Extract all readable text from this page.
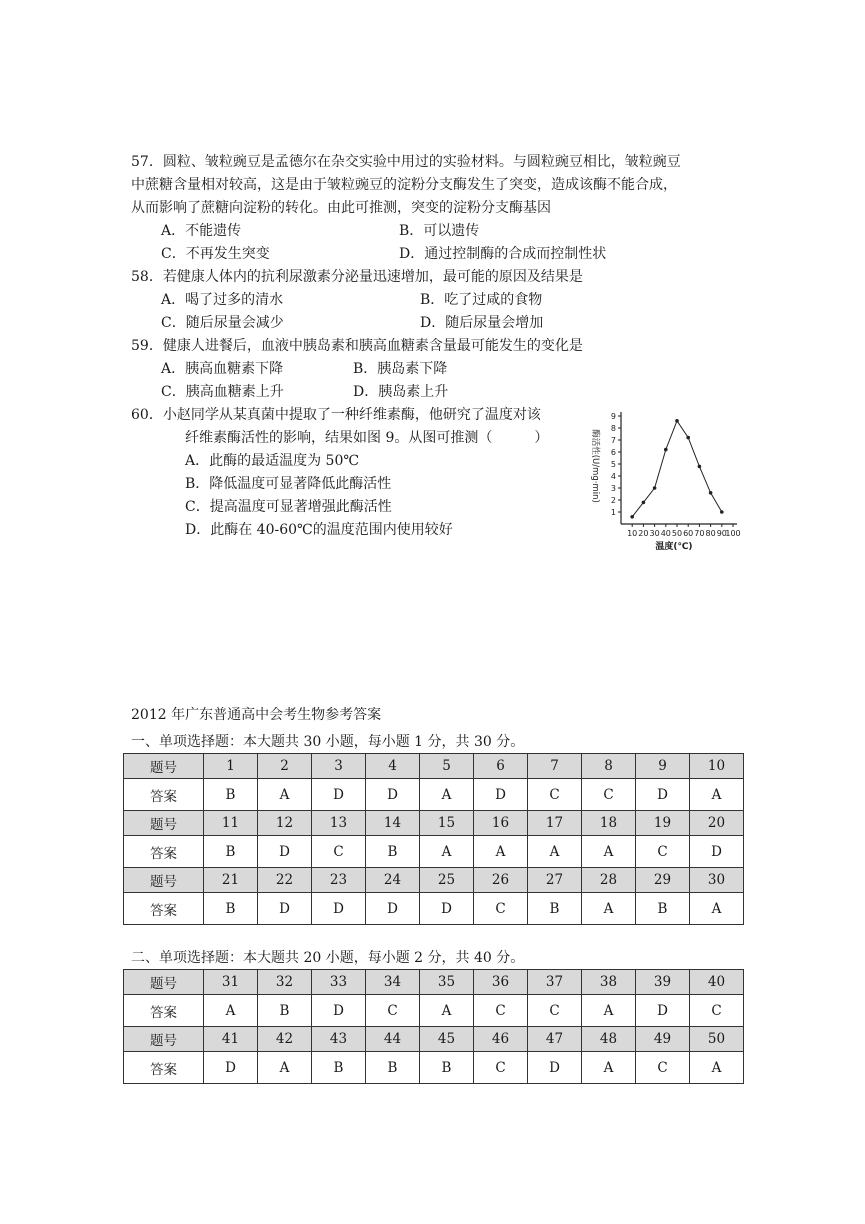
57．圆粒、皱粒豌豆是孟德尔在杂交实验中用过的实验材料。与圆粒豌豆相比，皱粒豌豆
中蔗糖含量相对较高，这是由于皱粒豌豆的淀粉分支酶发生了突变，造成该酶不能合成，
从而影响了蔗糖向淀粉的转化。由此可推测，突变的淀粉分支酶基因
A．不能遗传	B．可以遗传
C．不再发生突变	D．通过控制酶的合成而控制性状
58．若健康人体内的抗利尿激素分泌量迅速增加，最可能的原因及结果是
A．喝了过多的清水	B．吃了过咸的食物
C．随后尿量会减少	D．随后尿量会增加
59．健康人进餐后，血液中胰岛素和胰高血糖素含量最可能发生的变化是
A．胰高血糖素下降	B．胰岛素下降
C．胰高血糖素上升	D．胰岛素上升
60．小赵同学从某真菌中提取了一种纤维素酶，他研究了温度对该
纤维素酶活性的影响，结果如图 9。从图可推测（　　　）
A．此酶的最适温度为 50℃
B．降低温度可显著降低此酶活性
C．提高温度可显著增强此酶活性
D．此酶在 40-60℃的温度范围内使用较好
1
2
3
4
5
6
7
8
9
10 20 30 40 50 60 70 80 90
100
酶活性(U/mg·min)
温度(℃)
2012 年广东普通高中会考生物参考答案
一、单项选择题：本大题共 30 小题，每小题 1 分，共 30 分。
题号	1	2	3	4	5	6	7	8	9	10
答案	B	A	D	D	A	D	C	C	D	A
题号	11	12	13	14	15	16	17	18	19	20
答案	B	D	C	B	A	A	A	A	C	D
题号	21	22	23	24	25	26	27	28	29	30
答案	B	D	D	D	D	C	B	A	B	A
二、单项选择题：本大题共 20 小题，每小题 2 分，共 40 分。
题号	31	32	33	34	35	36	37	38	39	40
答案	A	B	D	C	A	C	C	A	D	C
题号	41	42	43	44	45	46	47	48	49	50
答案	D	A	B	B	B	C	D	A	C	A
